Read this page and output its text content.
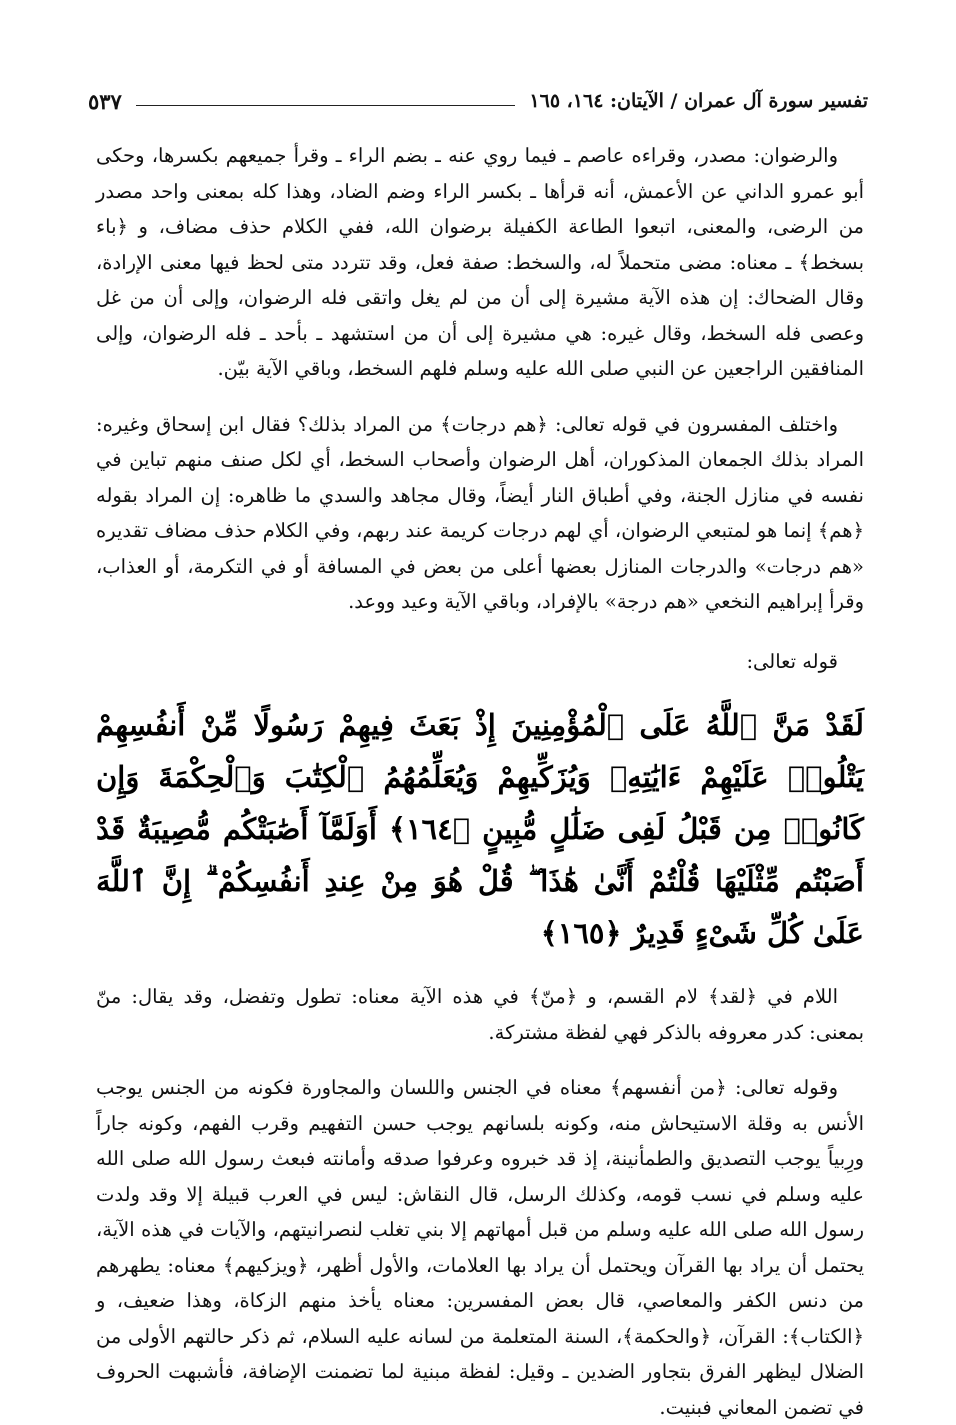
تفسير سورة آل عمران / الآيتان: ١٦٤، ١٦٥
٥٣٧

والرضوان: مصدر، وقراءه عاصم ـ فيما روي عنه ـ بضم الراء ـ وقرأ جميعهم بكسرها، وحكى أبو عمرو الداني عن الأعمش، أنه قرأها ـ بكسر الراء وضم الضاد، وهذا كله بمعنى واحد مصدر من الرضى، والمعنى، اتبعوا الطاعة الكفيلة برضوان الله، ففي الكلام حذف مضاف، و ﴿باء بسخط﴾ ـ معناه: مضى متحملاً له، والسخط: صفة فعل، وقد تتردد متى لحظ فيها معنى الإرادة، وقال الضحاك: إن هذه الآية مشيرة إلى أن من لم يغل واتقى فله الرضوان، وإلى أن من غل وعصى فله السخط، وقال غيره: هي مشيرة إلى أن من استشهد ـ بأحد ـ فله الرضوان، وإلى المنافقين الراجعين عن النبي صلى الله عليه وسلم فلهم السخط، وباقي الآية بيّن.

واختلف المفسرون في قوله تعالى: ﴿هم درجات﴾ من المراد بذلك؟ فقال ابن إسحاق وغيره: المراد بذلك الجمعان المذكوران، أهل الرضوان وأصحاب السخط، أي لكل صنف منهم تباين في نفسه في منازل الجنة، وفي أطباق النار أيضاً، وقال مجاهد والسدي ما ظاهره: إن المراد بقوله ﴿هم﴾ إنما هو لمتبعي الرضوان، أي لهم درجات كريمة عند ربهم، وفي الكلام حذف مضاف تقديره «هم درجات» والدرجات المنازل بعضها أعلى من بعض في المسافة أو في التكرمة، أو العذاب، وقرأ إبراهيم النخعي «هم درجة» بالإفراد، وباقي الآية وعيد ووعد.

قوله تعالى:

لَقَدْ مَنَّ ٱللَّهُ عَلَى ٱلْمُؤْمِنِينَ إِذْ بَعَثَ فِيهِمْ رَسُولًا مِّنْ أَنفُسِهِمْ يَتْلُوا۟ عَلَيْهِمْ ءَايَٰتِهِۦ وَيُزَكِّيهِمْ وَيُعَلِّمُهُمُ ٱلْكِتَٰبَ وَٱلْحِكْمَةَ وَإِن كَانُوا۟ مِن قَبْلُ لَفِى ضَلَٰلٍ مُّبِينٍ ﴿١٦٤﴾ أَوَلَمَّآ أَصَٰبَتْكُم مُّصِيبَةٌ قَدْ أَصَبْتُم مِّثْلَيْهَا قُلْتُمْ أَنَّىٰ هَٰذَا ۖ قُلْ هُوَ مِنْ عِندِ أَنفُسِكُمْ ۗ إِنَّ ٱللَّهَ عَلَىٰ كُلِّ شَىْءٍ قَدِيرٌ ﴿١٦٥﴾

اللام في ﴿لقد﴾ لام القسم، و ﴿منّ﴾ في هذه الآية معناه: تطول وتفضل، وقد يقال: منّ بمعنى: كدر معروفه بالذكر فهي لفظة مشتركة.

وقوله تعالى: ﴿من أنفسهم﴾ معناه في الجنس واللسان والمجاورة فكونه من الجنس يوجب الأنس به وقلة الاستيحاش منه، وكونه بلسانهم يوجب حسن التفهيم وقرب الفهم، وكونه جاراً ورِبياً يوجب التصديق والطمأنينة، إذ قد خبروه وعرفوا صدقه وأمانته فبعث رسول الله صلى الله عليه وسلم في نسب قومه، وكذلك الرسل، قال النقاش: ليس في العرب قبيلة إلا وقد ولدت رسول الله صلى الله عليه وسلم من قبل أمهاتهم إلا بني تغلب لنصرانيتهم، والآيات في هذه الآية، يحتمل أن يراد بها القرآن ويحتمل أن يراد بها العلامات، والأول أظهر، ﴿ويزكيهم﴾ معناه: يطهرهم من دنس الكفر والمعاصي، قال بعض المفسرين: معناه يأخذ منهم الزكاة، وهذا ضعيف، و ﴿الكتاب﴾: القرآن، ﴿والحكمة﴾، السنة المتعلمة من لسانه عليه السلام، ثم ذكر حالتهم الأولى من الضلال ليظهر الفرق بتجاور الضدين ـ وقيل: لفظة مبنية لما تضمنت الإضافة، فأشبهت الحروف في تضمن المعاني فبنيت.
